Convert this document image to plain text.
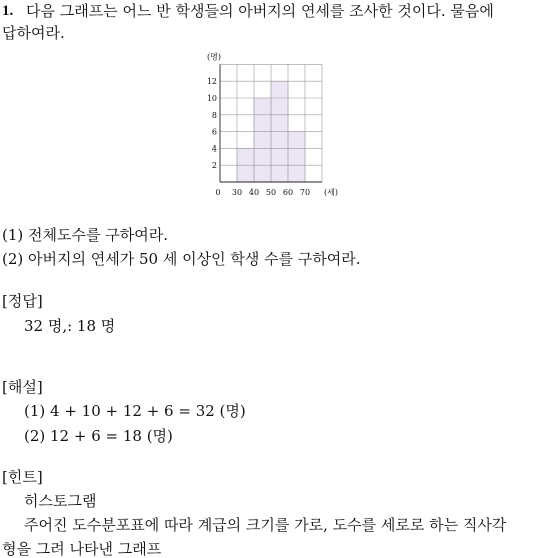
1. 다음 그래프는 어느 반 학생들의 아버지의 연세를 조사한 것이다. 물음에
답하여라.
2
4
6
8
10
12
0 30 40 50 60 70
(명)
(세)
(1) 전체도수를 구하여라.
(2) 아버지의 연세가 50 세 이상인 학생 수를 구하여라.
[정답]
32 명,: 18 명
[해설]
(1) 4 + 10 + 12 + 6 = 32 (명)
(2) 12 + 6 = 18 (명)
[힌트]
히스토그램
주어진 도수분포표에 따라 계급의 크기를 가로, 도수를 세로로 하는 직사각
형을 그려 나타낸 그래프
